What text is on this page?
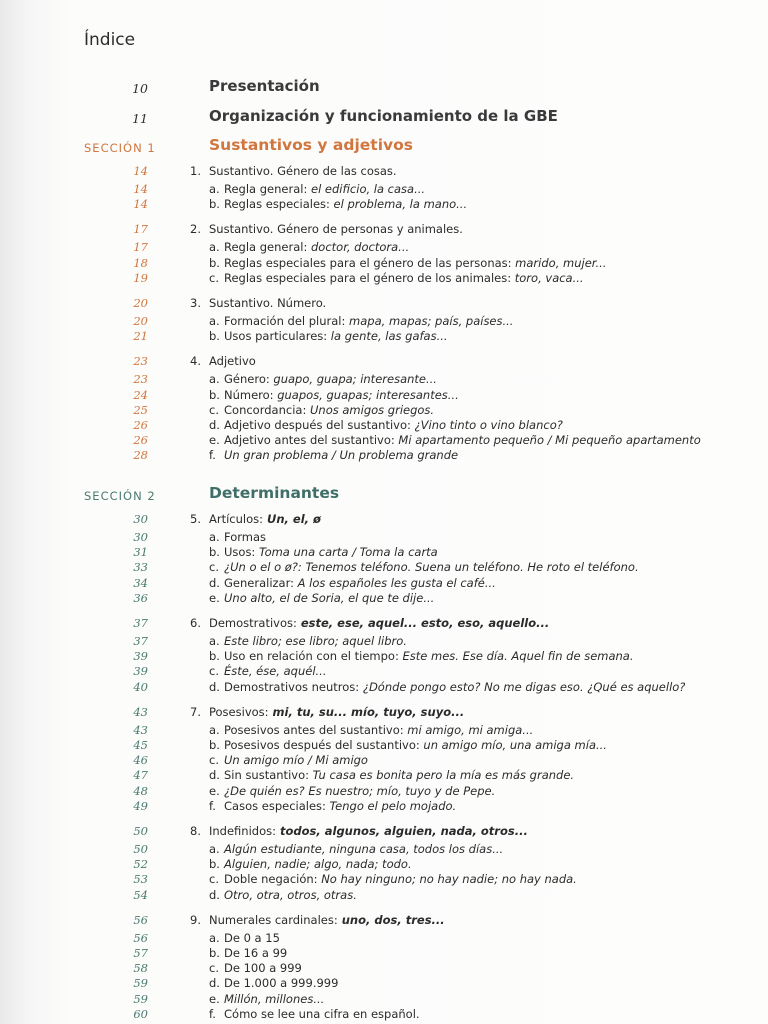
Índice
10	Presentación
11	Organización y funcionamiento de la GBE
SECCIÓN 1	Sustantivos y adjetivos
14	1. Sustantivo. Género de las cosas.
14	a. Regla general: el edificio, la casa...
14	b. Reglas especiales: el problema, la mano...
17	2. Sustantivo. Género de personas y animales.
17	a. Regla general: doctor, doctora...
18	b. Reglas especiales para el género de las personas: marido, mujer...
19	c. Reglas especiales para el género de los animales: toro, vaca...
20	3. Sustantivo. Número.
20	a. Formación del plural: mapa, mapas; país, países...
21	b. Usos particulares: la gente, las gafas...
23	4. Adjetivo
23	a. Género: guapo, guapa; interesante...
24	b. Número: guapos, guapas; interesantes...
25	c. Concordancia: Unos amigos griegos.
26	d. Adjetivo después del sustantivo: ¿Vino tinto o vino blanco?
26	e. Adjetivo antes del sustantivo: Mi apartamento pequeño / Mi pequeño apartamento
28	f. Un gran problema / Un problema grande
SECCIÓN 2	Determinantes
30	5. Artículos: Un, el, ø
30	a. Formas
31	b. Usos: Toma una carta / Toma la carta
33	c. ¿Un o el o ø?: Tenemos teléfono. Suena un teléfono. He roto el teléfono.
34	d. Generalizar: A los españoles les gusta el café...
36	e. Uno alto, el de Soria, el que te dije...
37	6. Demostrativos: este, ese, aquel... esto, eso, aquello...
37	a. Este libro; ese libro; aquel libro.
39	b. Uso en relación con el tiempo: Este mes. Ese día. Aquel fin de semana.
39	c. Éste, ése, aquél...
40	d. Demostrativos neutros: ¿Dónde pongo esto? No me digas eso. ¿Qué es aquello?
43	7. Posesivos: mi, tu, su... mío, tuyo, suyo...
43	a. Posesivos antes del sustantivo: mi amigo, mi amiga...
45	b. Posesivos después del sustantivo: un amigo mío, una amiga mía...
46	c. Un amigo mío / Mi amigo
47	d. Sin sustantivo: Tu casa es bonita pero la mía es más grande.
48	e. ¿De quién es? Es nuestro; mío, tuyo y de Pepe.
49	f. Casos especiales: Tengo el pelo mojado.
50	8. Indefinidos: todos, algunos, alguien, nada, otros...
50	a. Algún estudiante, ninguna casa, todos los días...
52	b. Alguien, nadie; algo, nada; todo.
53	c. Doble negación: No hay ninguno; no hay nadie; no hay nada.
54	d. Otro, otra, otros, otras.
56	9. Numerales cardinales: uno, dos, tres...
56	a. De 0 a 15
57	b. De 16 a 99
58	c. De 100 a 999
59	d. De 1.000 a 999.999
59	e. Millón, millones...
60	f. Cómo se lee una cifra en español.
